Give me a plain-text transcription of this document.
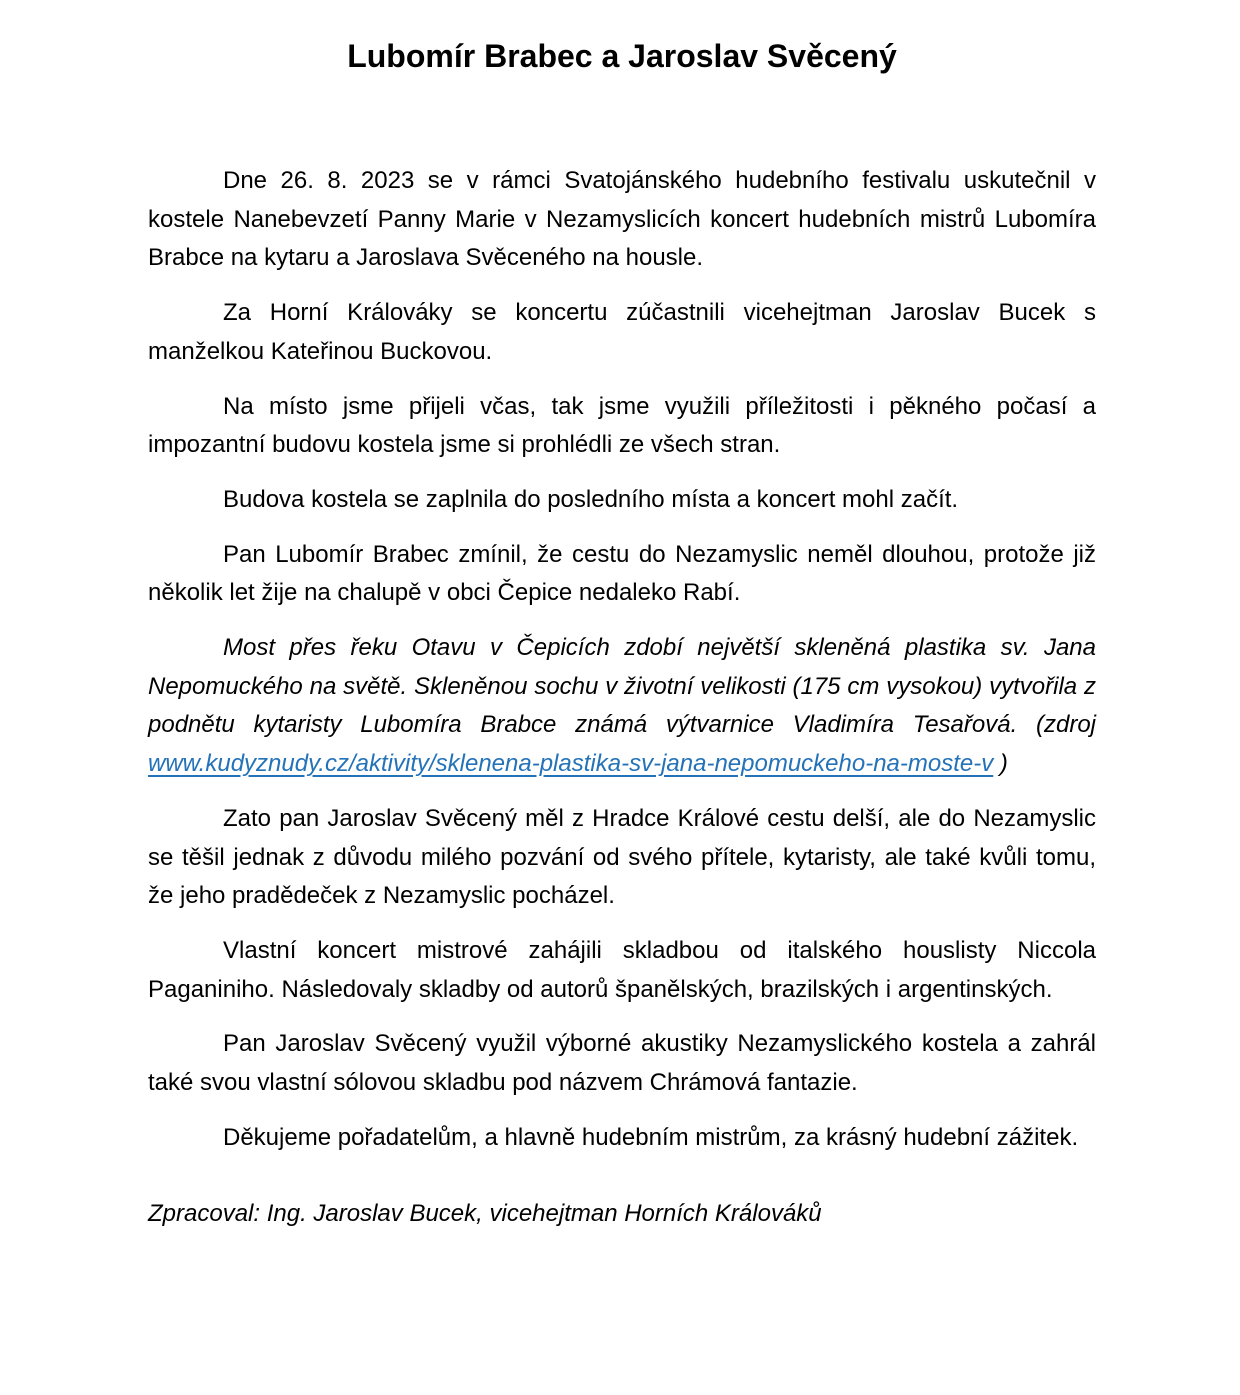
Lubomír Brabec a Jaroslav Svěcený

Dne 26. 8. 2023 se v rámci Svatojánského hudebního festivalu uskutečnil v kostele Nanebevzetí Panny Marie v Nezamyslicích koncert hudebních mistrů Lubomíra Brabce na kytaru a Jaroslava Svěceného na housle.

Za Horní Králováky se koncertu zúčastnili vicehejtman Jaroslav Bucek s manželkou Kateřinou Buckovou.

Na místo jsme přijeli včas, tak jsme využili příležitosti i pěkného počasí a impozantní budovu kostela jsme si prohlédli ze všech stran.

Budova kostela se zaplnila do posledního místa a koncert mohl začít.

Pan Lubomír Brabec zmínil, že cestu do Nezamyslic neměl dlouhou, protože již několik let žije na chalupě v obci Čepice nedaleko Rabí.

Most přes řeku Otavu v Čepicích zdobí největší skleněná plastika sv. Jana Nepomuckého na světě. Skleněnou sochu v životní velikosti (175 cm vysokou) vytvořila z podnětu kytaristy Lubomíra Brabce známá výtvarnice Vladimíra Tesařová. (zdroj www.kudyznudy.cz/aktivity/sklenena-plastika-sv-jana-nepomuckeho-na-moste-v )

Zato pan Jaroslav Svěcený měl z Hradce Králové cestu delší, ale do Nezamyslic se těšil jednak z důvodu milého pozvání od svého přítele, kytaristy, ale také kvůli tomu, že jeho pradědeček z Nezamyslic pocházel.

Vlastní koncert mistrové zahájili skladbou od italského houslisty Niccola Paganiniho. Následovaly skladby od autorů španělských, brazilských i argentinských.

Pan Jaroslav Svěcený využil výborné akustiky Nezamyslického kostela a zahrál také svou vlastní sólovou skladbu pod názvem Chrámová fantazie.

Děkujeme pořadatelům, a hlavně hudebním mistrům, za krásný hudební zážitek.

Zpracoval: Ing. Jaroslav Bucek, vicehejtman Horních Králováků
